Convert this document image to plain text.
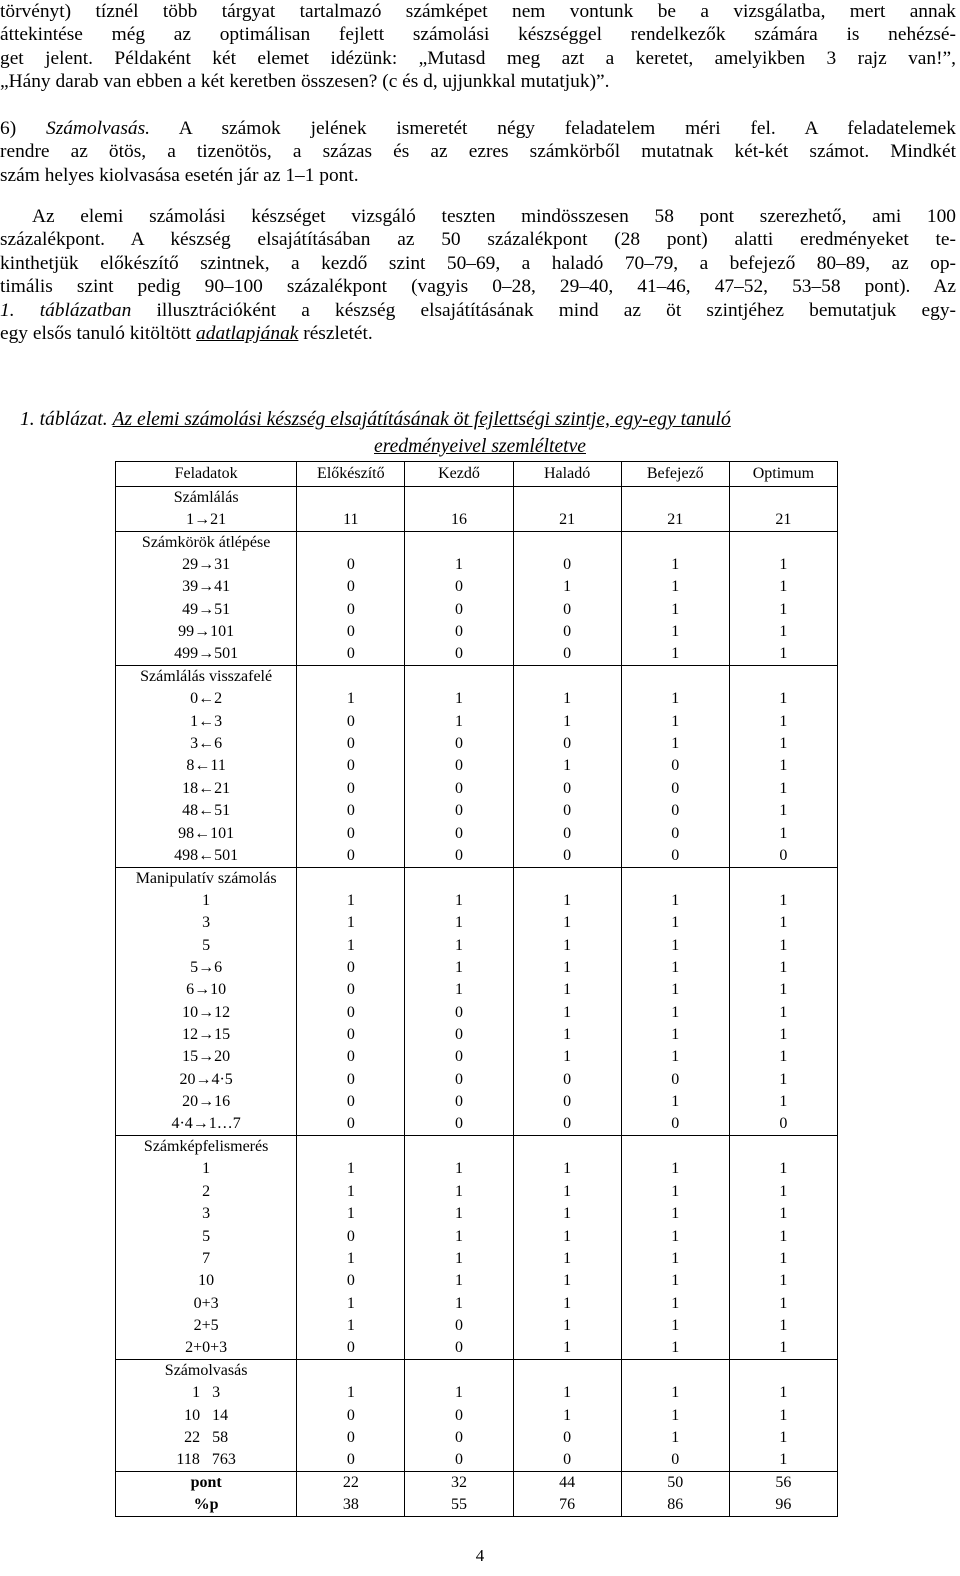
törvényt) tíznél több tárgyat tartalmazó számképet nem vontunk be a vizsgálatba, mert annak
áttekintése még az optimálisan fejlett számolási készséggel rendelkezők számára is nehézsé-
get jelent. Példaként két elemet idézünk: „Mutasd meg azt a keretet, amelyikben 3 rajz van!”,
„Hány darab van ebben a két keretben összesen? (c és d, ujjunkkal mutatjuk)”.
6) Számolvasás. A számok jelének ismeretét négy feladatelem méri fel. A feladatelemek
rendre az ötös, a tizenötös, a százas és az ezres számkörből mutatnak két-két számot. Mindkét
szám helyes kiolvasása esetén jár az 1–1 pont.
Az elemi számolási készséget vizsgáló teszten mindösszesen 58 pont szerezhető, ami 100
százalékpont. A készség elsajátításában az 50 százalékpont (28 pont) alatti eredményeket te-
kinthetjük előkészítő szintnek, a kezdő szint 50–69, a haladó 70–79, a befejező 80–89, az op-
timális szint pedig 90–100 százalékpont (vagyis 0–28, 29–40, 41–46, 47–52, 53–58 pont). Az
1. táblázatban illusztrációként a készség elsajátításának mind az öt szintjéhez bemutatjuk egy-
egy elsős tanuló kitöltött adatlapjának részletét.
1. táblázat. Az elemi számolási készség elsajátításának öt fejlettségi szintje, egy-egy tanuló
eredményeivel szemléltetve
Feladatok	Előkészítő	Kezdő	Haladó	Befejező	Optimum
Számlálás					
1→21	11	16	21	21	21
Számkörök átlépése					
29→31	0	1	0	1	1
39→41	0	0	1	1	1
49→51	0	0	0	1	1
99→101	0	0	0	1	1
499→501	0	0	0	1	1
Számlálás visszafelé					
0←2	1	1	1	1	1
1←3	0	1	1	1	1
3←6	0	0	0	1	1
8←11	0	0	1	0	1
18←21	0	0	0	0	1
48←51	0	0	0	0	1
98←101	0	0	0	0	1
498←501	0	0	0	0	0
Manipulatív számolás					
1	1	1	1	1	1
3	1	1	1	1	1
5	1	1	1	1	1
5→6	0	1	1	1	1
6→10	0	1	1	1	1
10→12	0	0	1	1	1
12→15	0	0	1	1	1
15→20	0	0	1	1	1
20→4·5	0	0	0	0	1
20→16	0	0	0	1	1
4·4→1…7	0	0	0	0	0
Számképfelismerés					
1	1	1	1	1	1
2	1	1	1	1	1
3	1	1	1	1	1
5	0	1	1	1	1
7	1	1	1	1	1
10	0	1	1	1	1
0+3	1	1	1	1	1
2+5	1	0	1	1	1
2+0+3	0	0	1	1	1
Számolvasás					
1   3	1	1	1	1	1
10   14	0	0	1	1	1
22   58	0	0	0	1	1
118   763	0	0	0	0	1
pont	22	32	44	50	56
%p	38	55	76	86	96
4
